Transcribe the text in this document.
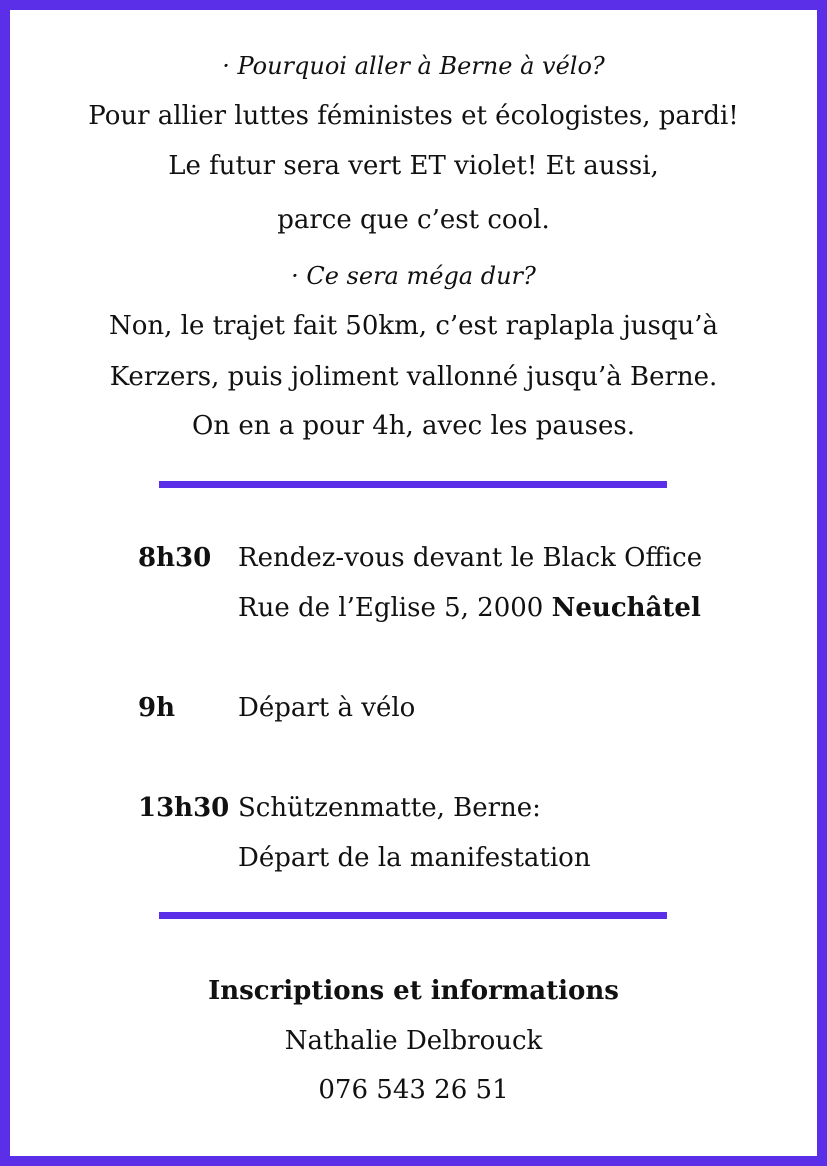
· Pourquoi aller à Berne à vélo?
Pour allier luttes féministes et écologistes, pardi!
Le futur sera vert ET violet! Et aussi,
parce que c’est cool.
· Ce sera méga dur?
Non, le trajet fait 50km, c’est raplapla jusqu’à
Kerzers, puis joliment vallonné jusqu’à Berne.
On en a pour 4h, avec les pauses.
8h30 Rendez-vous devant le Black Office
Rue de l’Eglise 5, 2000 Neuchâtel
9h Départ à vélo
13h30 Schützenmatte, Berne:
Départ de la manifestation
Inscriptions et informations
Nathalie Delbrouck
076 543 26 51
